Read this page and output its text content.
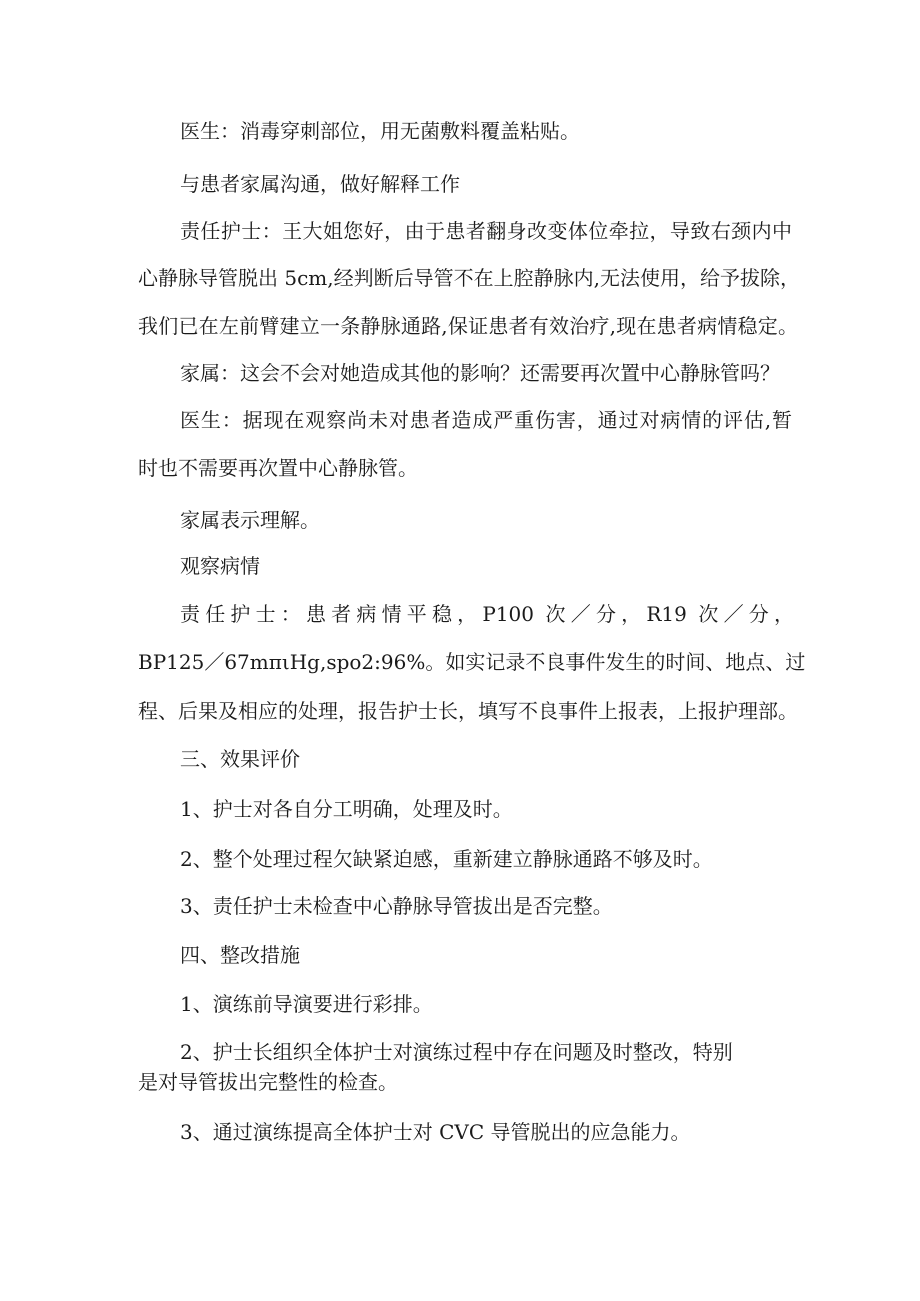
医生：消毒穿刺部位，用无菌敷料覆盖粘贴。
与患者家属沟通，做好解释工作
责任护士：王大姐您好，由于患者翻身改变体位牵拉，导致右颈内中
心静脉导管脱出 5cm,经判断后导管不在上腔静脉内,无法使用，给予拔除，
我们已在左前臂建立一条静脉通路,保证患者有效治疗,现在患者病情稳定。
家属：这会不会对她造成其他的影响？还需要再次置中心静脉管吗？
医生：据现在观察尚未对患者造成严重伤害，通过对病情的评估,暂
时也不需要再次置中心静脉管。
家属表示理解。
观察病情
责任护士：患者病情平稳，P100 次／分，R19 次／分，
BP125／67mπιHg,spo2:96%。如实记录不良事件发生的时间、地点、过
程、后果及相应的处理，报告护士长，填写不良事件上报表，上报护理部。
三、效果评价
1、护士对各自分工明确，处理及时。
2、整个处理过程欠缺紧迫感，重新建立静脉通路不够及时。
3、责任护士未检查中心静脉导管拔出是否完整。
四、整改措施
1、演练前导演要进行彩排。
2、护士长组织全体护士对演练过程中存在问题及时整改，特别
是对导管拔出完整性的检查。
3、通过演练提高全体护士对 CVC 导管脱出的应急能力。
